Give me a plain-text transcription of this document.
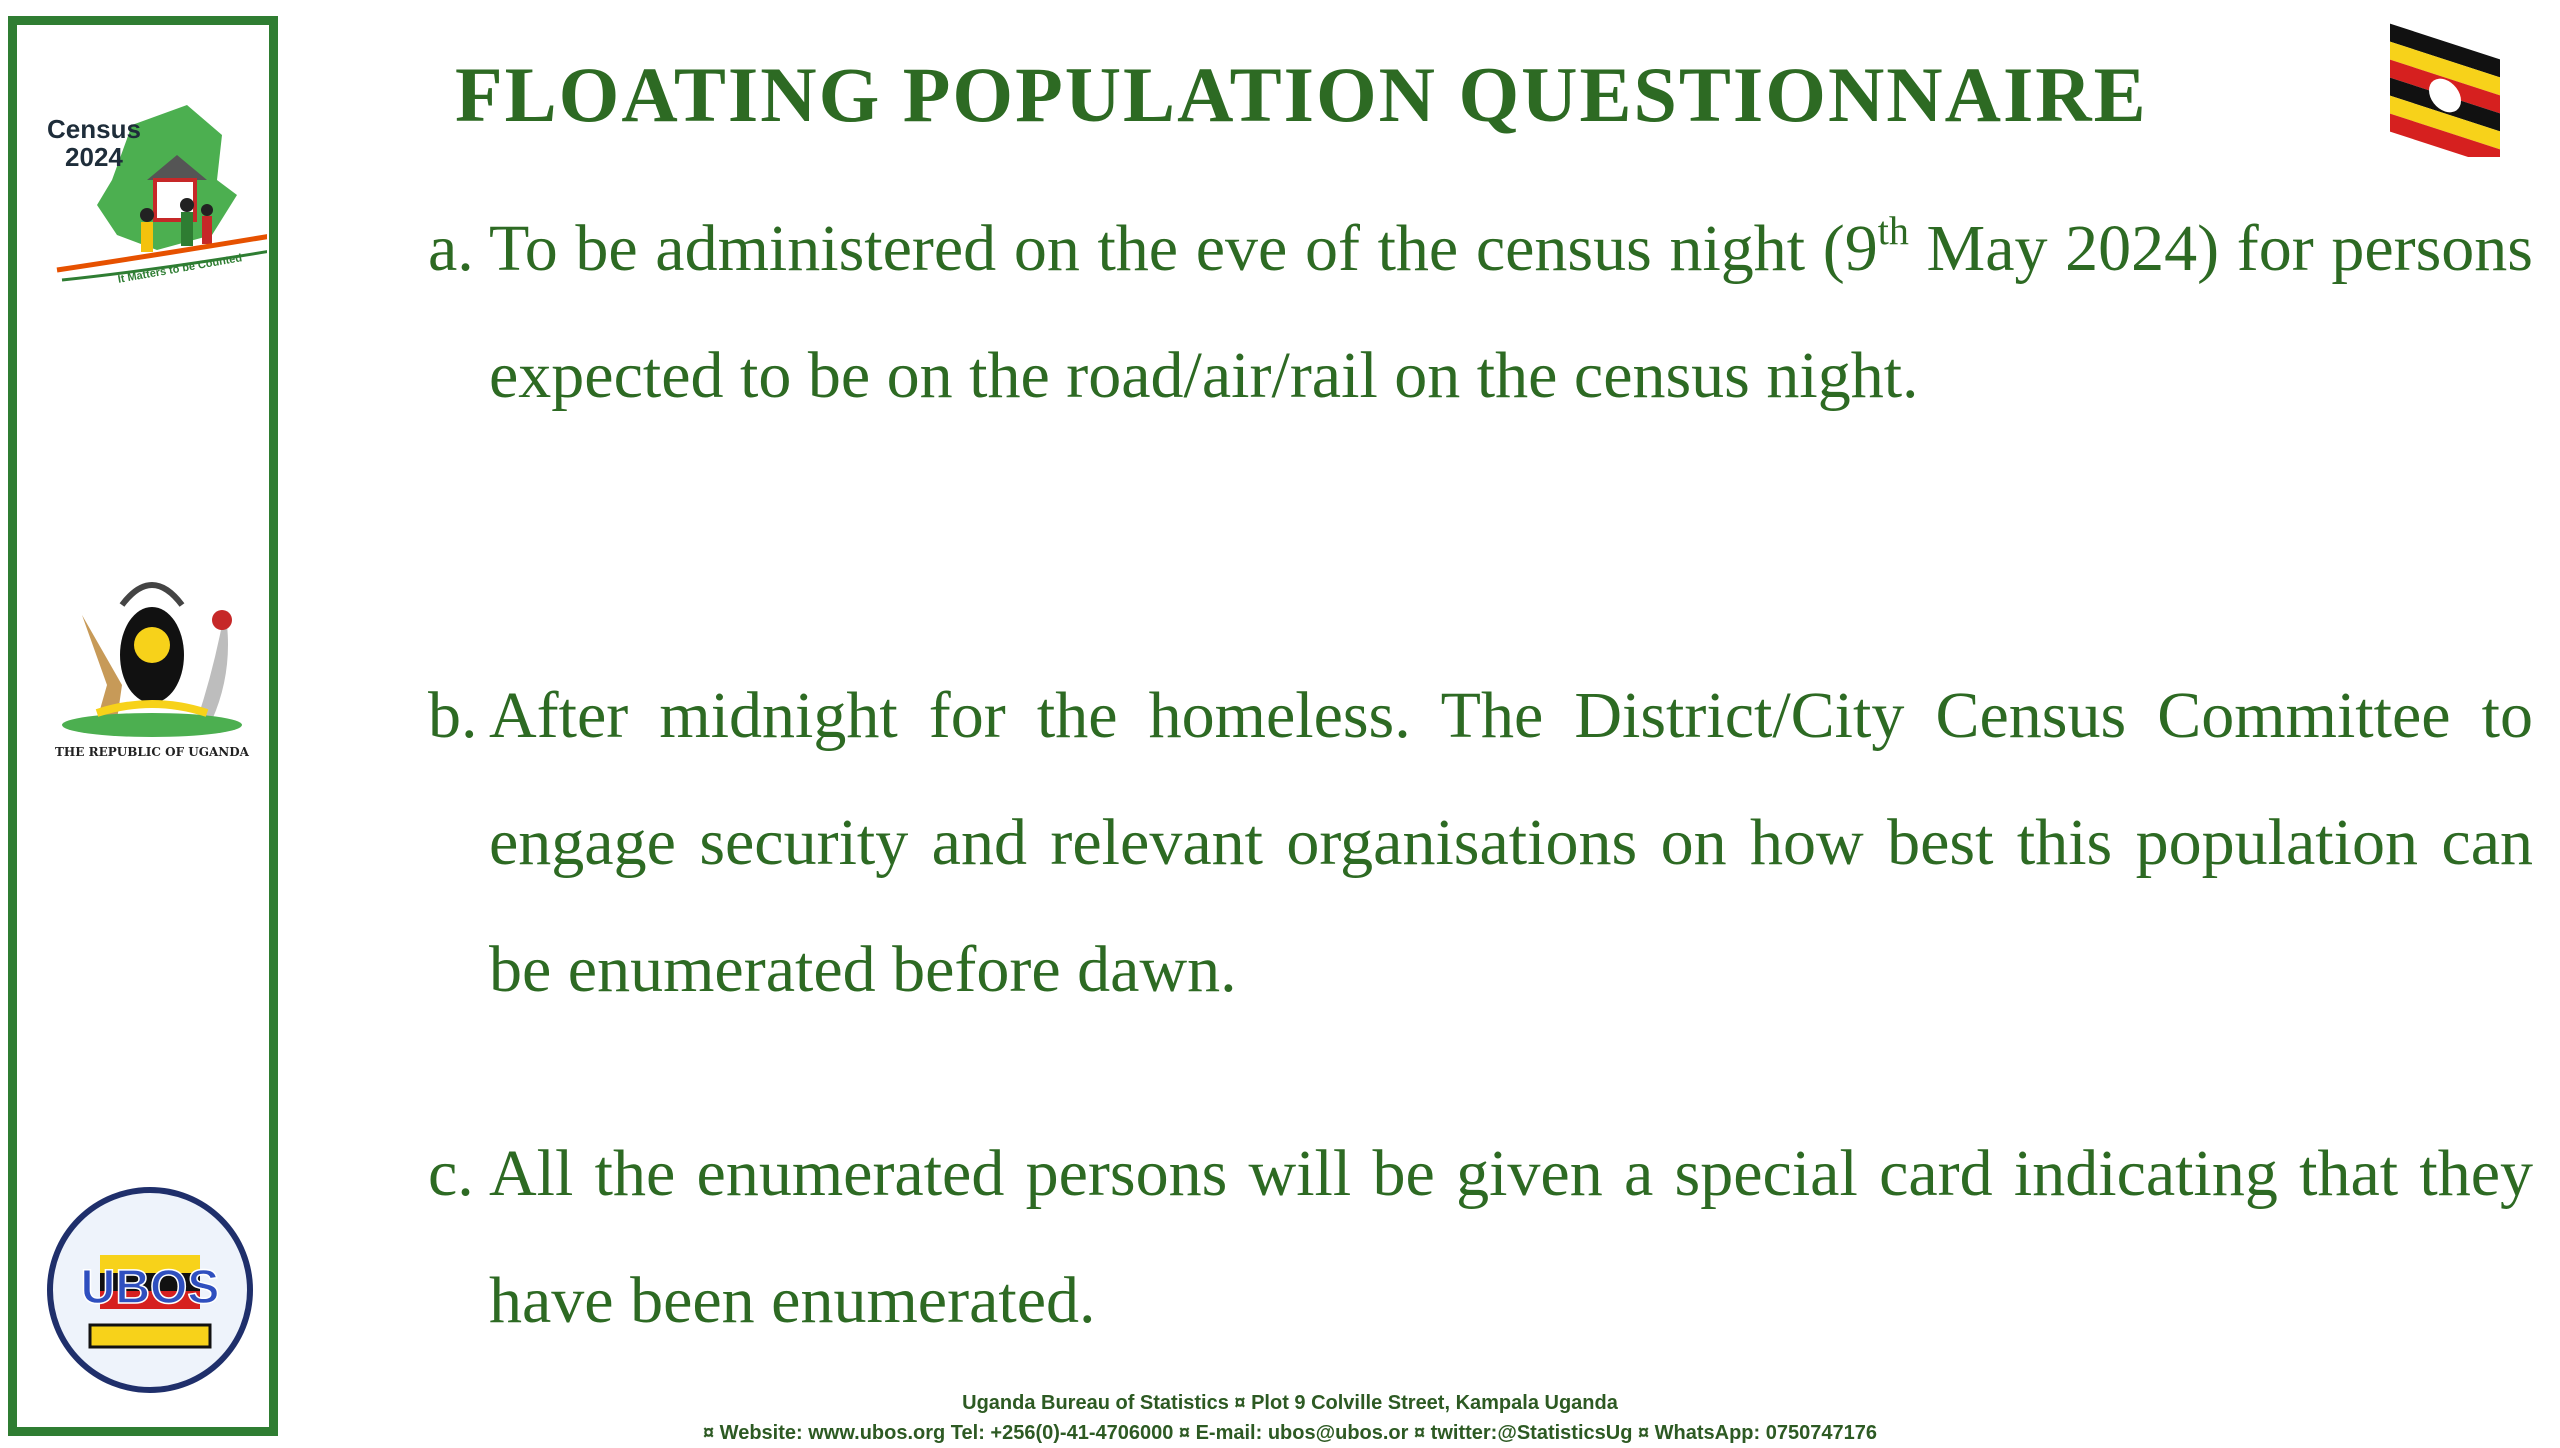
Census
2024
It Matters to be Counted
THE REPUBLIC OF UGANDA
UBOS
FLOATING POPULATION QUESTIONNAIRE
a. To be administered on the eve of the census night (9th May 2024) for persons expected to be on the road/air/rail on the census night.
b. After midnight for the homeless. The District/City Census Committee to engage security and relevant organisations on how best this population can be enumerated before dawn.
c. All the enumerated persons will be given a special card indicating that they have been enumerated.
Uganda Bureau of Statistics ¤ Plot 9 Colville Street, Kampala Uganda
¤ Website: www.ubos.org Tel: +256(0)-41-4706000 ¤ E-mail: ubos@ubos.or ¤ twitter:@StatisticsUg ¤ WhatsApp: 0750747176
